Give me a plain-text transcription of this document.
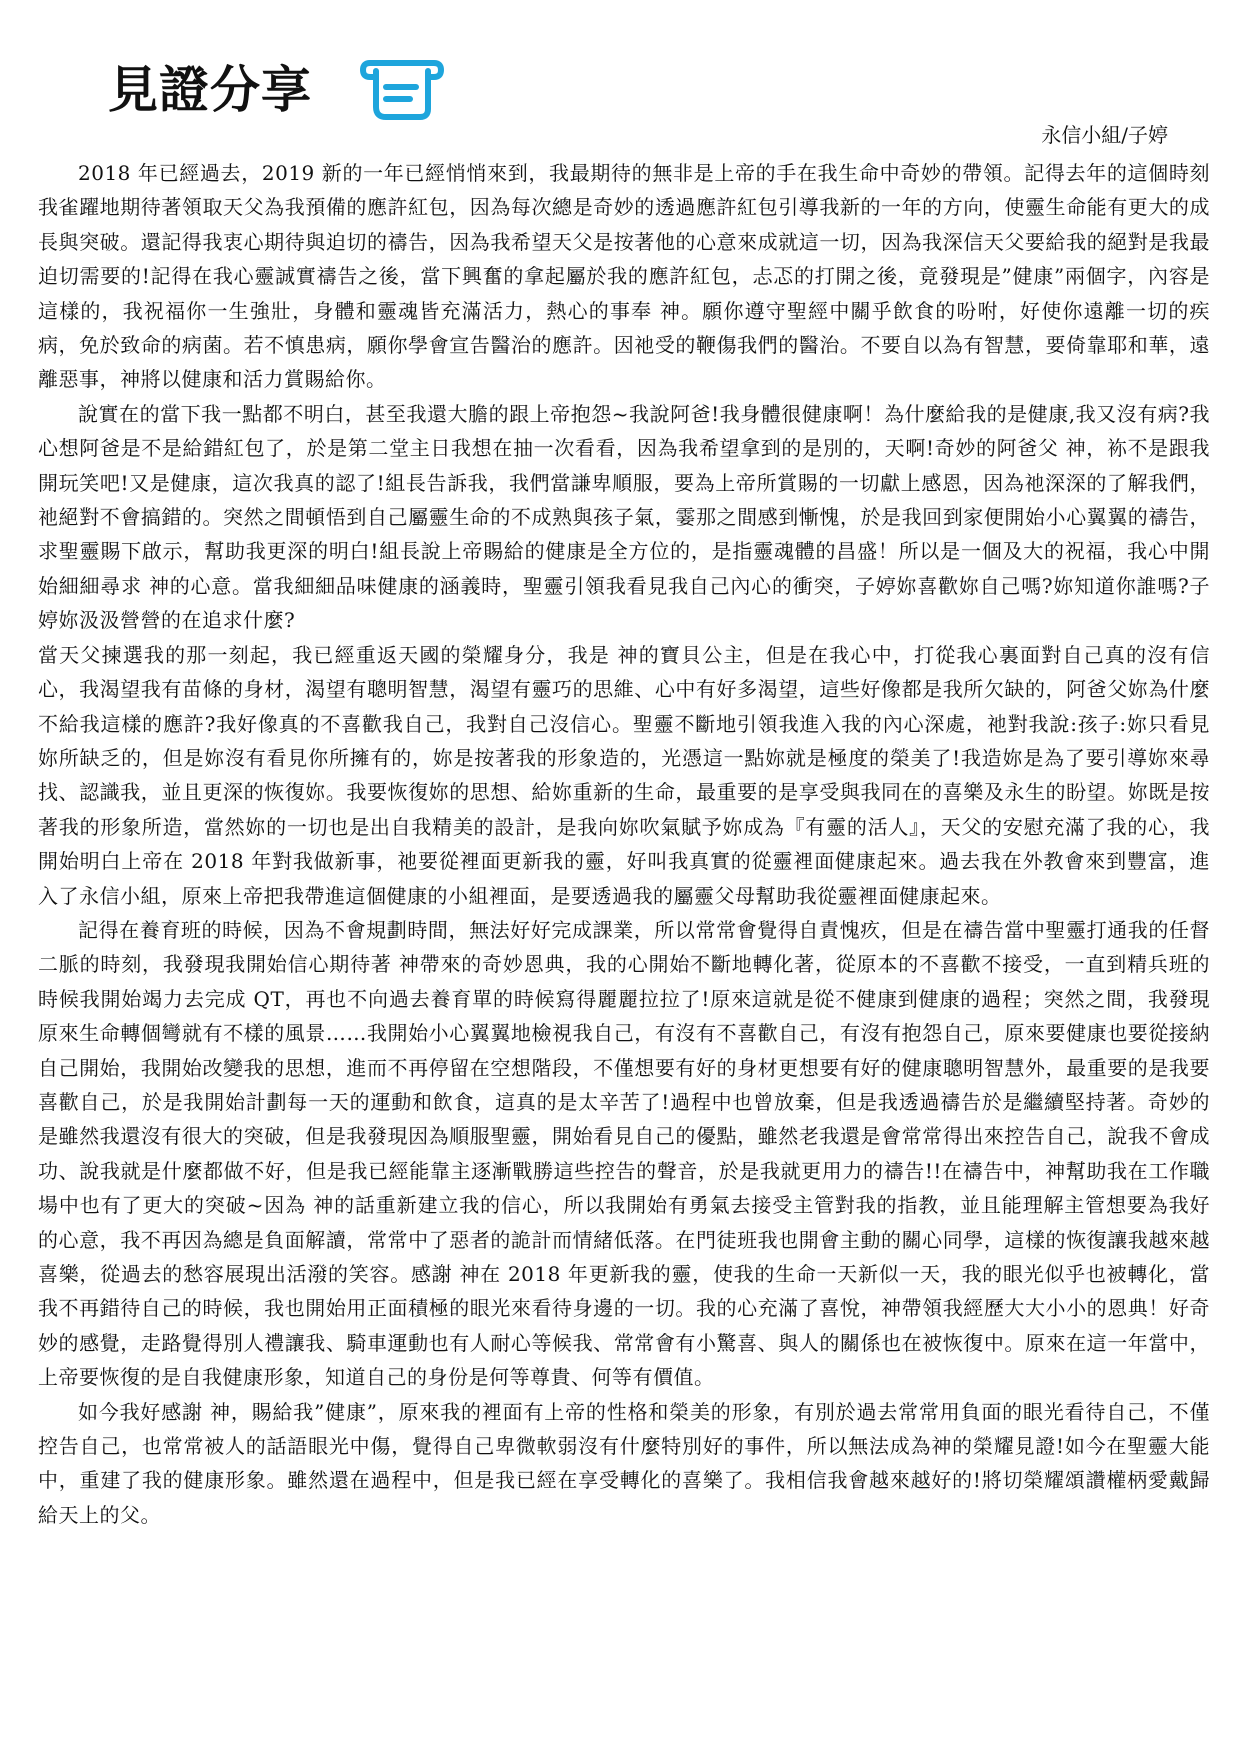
見證分享

永信小組/子婷

2018 年已經過去，2019 新的一年已經悄悄來到，我最期待的無非是上帝的手在我生命中奇妙的帶領。記得去年的這個時刻我雀躍地期待著領取天父為我預備的應許紅包，因為每次總是奇妙的透過應許紅包引導我新的一年的方向，使靈生命能有更大的成長與突破。還記得我衷心期待與迫切的禱告，因為我希望天父是按著他的心意來成就這一切，因為我深信天父要給我的絕對是我最迫切需要的!記得在我心靈誠實禱告之後，當下興奮的拿起屬於我的應許紅包，忐忑的打開之後，竟發現是”健康”兩個字，內容是這樣的，我祝福你一生強壯，身體和靈魂皆充滿活力，熱心的事奉 神。願你遵守聖經中關乎飲食的吩咐，好使你遠離一切的疾病，免於致命的病菌。若不慎患病，願你學會宣告醫治的應許。因祂受的鞭傷我們的醫治。不要自以為有智慧，要倚靠耶和華，遠離惡事，神將以健康和活力賞賜給你。

說實在的當下我一點都不明白，甚至我還大膽的跟上帝抱怨~我說阿爸!我身體很健康啊！為什麼給我的是健康,我又沒有病?我心想阿爸是不是給錯紅包了，於是第二堂主日我想在抽一次看看，因為我希望拿到的是別的，天啊!奇妙的阿爸父 神，袮不是跟我開玩笑吧!又是健康，這次我真的認了!組長告訴我，我們當謙卑順服，要為上帝所賞賜的一切獻上感恩，因為祂深深的了解我們，祂絕對不會搞錯的。突然之間頓悟到自己屬靈生命的不成熟與孩子氣，霎那之間感到慚愧，於是我回到家便開始小心翼翼的禱告，求聖靈賜下啟示，幫助我更深的明白!組長說上帝賜給的健康是全方位的，是指靈魂體的昌盛！所以是一個及大的祝福，我心中開始細細尋求 神的心意。當我細細品味健康的涵義時，聖靈引領我看見我自己內心的衝突，子婷妳喜歡妳自己嗎?妳知道你誰嗎?子婷妳汲汲營營的在追求什麼?

當天父揀選我的那一刻起，我已經重返天國的榮耀身分，我是 神的寶貝公主，但是在我心中，打從我心裏面對自己真的沒有信心，我渴望我有苗條的身材，渴望有聰明智慧，渴望有靈巧的思維、心中有好多渴望，這些好像都是我所欠缺的，阿爸父妳為什麼不給我這樣的應許?我好像真的不喜歡我自己，我對自己沒信心。聖靈不斷地引領我進入我的內心深處，祂對我說:孩子:妳只看見妳所缺乏的，但是妳沒有看見你所擁有的，妳是按著我的形象造的，光憑這一點妳就是極度的榮美了!我造妳是為了要引導妳來尋找、認識我，並且更深的恢復妳。我要恢復妳的思想、給妳重新的生命，最重要的是享受與我同在的喜樂及永生的盼望。妳既是按著我的形象所造，當然妳的一切也是出自我精美的設計，是我向妳吹氣賦予妳成為『有靈的活人』，天父的安慰充滿了我的心，我開始明白上帝在 2018 年對我做新事，祂要從裡面更新我的靈，好叫我真實的從靈裡面健康起來。過去我在外教會來到豐富，進入了永信小組，原來上帝把我帶進這個健康的小組裡面，是要透過我的屬靈父母幫助我從靈裡面健康起來。

記得在養育班的時候，因為不會規劃時間，無法好好完成課業，所以常常會覺得自責愧疚，但是在禱告當中聖靈打通我的任督二脈的時刻，我發現我開始信心期待著 神帶來的奇妙恩典，我的心開始不斷地轉化著，從原本的不喜歡不接受，一直到精兵班的時候我開始竭力去完成 QT，再也不向過去養育單的時候寫得麗麗拉拉了!原來這就是從不健康到健康的過程；突然之間，我發現原來生命轉個彎就有不樣的風景……我開始小心翼翼地檢視我自己，有沒有不喜歡自己，有沒有抱怨自己，原來要健康也要從接納自己開始，我開始改變我的思想，進而不再停留在空想階段，不僅想要有好的身材更想要有好的健康聰明智慧外，最重要的是我要喜歡自己，於是我開始計劃每一天的運動和飲食，這真的是太辛苦了!過程中也曾放棄，但是我透過禱告於是繼續堅持著。奇妙的是雖然我還沒有很大的突破，但是我發現因為順服聖靈，開始看見自己的優點，雖然老我還是會常常得出來控告自己，說我不會成功、說我就是什麼都做不好，但是我已經能靠主逐漸戰勝這些控告的聲音，於是我就更用力的禱告!!在禱告中，神幫助我在工作職場中也有了更大的突破~因為 神的話重新建立我的信心，所以我開始有勇氣去接受主管對我的指教，並且能理解主管想要為我好的心意，我不再因為總是負面解讀，常常中了惡者的詭計而情緒低落。在門徒班我也開會主動的關心同學，這樣的恢復讓我越來越喜樂，從過去的愁容展現出活潑的笑容。感謝 神在 2018 年更新我的靈，使我的生命一天新似一天，我的眼光似乎也被轉化，當我不再錯待自己的時候，我也開始用正面積極的眼光來看待身邊的一切。我的心充滿了喜悅，神帶領我經歷大大小小的恩典！好奇妙的感覺，走路覺得別人禮讓我、騎車運動也有人耐心等候我、常常會有小驚喜、與人的關係也在被恢復中。原來在這一年當中，上帝要恢復的是自我健康形象，知道自己的身份是何等尊貴、何等有價值。

如今我好感謝 神，賜給我”健康”，原來我的裡面有上帝的性格和榮美的形象，有別於過去常常用負面的眼光看待自己，不僅控告自己，也常常被人的話語眼光中傷，覺得自己卑微軟弱沒有什麼特別好的事件，所以無法成為神的榮耀見證!如今在聖靈大能中，重建了我的健康形象。雖然還在過程中，但是我已經在享受轉化的喜樂了。我相信我會越來越好的!將切榮耀頌讚權柄愛戴歸給天上的父。
